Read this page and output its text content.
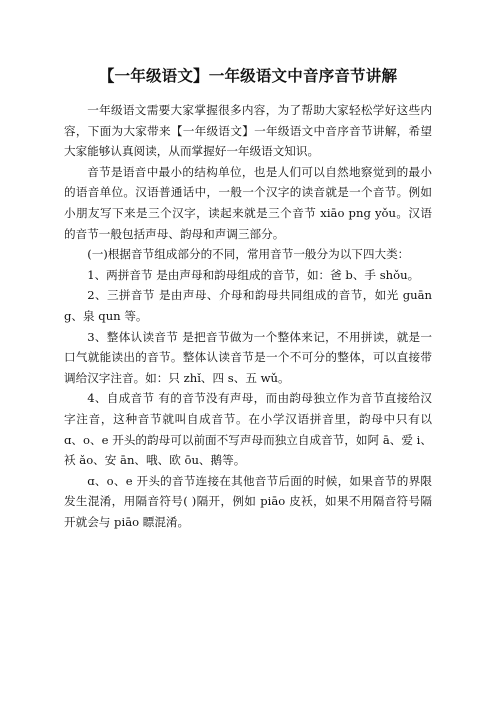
【一年级语文】一年级语文中音序音节讲解

一年级语文需要大家掌握很多内容，为了帮助大家轻松学好这些内容，下面为大家带来【一年级语文】一年级语文中音序音节讲解，希望大家能够认真阅读，从而掌握好一年级语文知识。

音节是语音中最小的结构单位，也是人们可以自然地察觉到的最小的语音单位。汉语普通话中，一般一个汉字的读音就是一个音节。例如小朋友写下来是三个汉字，读起来就是三个音节 xiāo png yǒu。汉语的音节一般包括声母、韵母和声调三部分。

(一)根据音节组成部分的不同，常用音节一般分为以下四大类：

1、两拼音节 是由声母和韵母组成的音节，如：爸 b、手 shǒu。

2、三拼音节 是由声母、介母和韵母共同组成的音节，如光 guāng、泉 qun 等。

3、整体认读音节 是把音节做为一个整体来记，不用拼读，就是一口气就能读出的音节。整体认读音节是一个不可分的整体，可以直接带调给汉字注音。如：只 zhǐ、四 s、五 wǔ。

4、自成音节 有的音节没有声母，而由韵母独立作为音节直接给汉字注音，这种音节就叫自成音节。在小学汉语拼音里，韵母中只有以 ɑ、o、e 开头的韵母可以前面不写声母而独立自成音节，如阿 ā、爱 i、袄 ǎo、安 ān、哦、欧 ōu、鹅等。

ɑ、o、e 开头的音节连接在其他音节后面的时候，如果音节的界限发生混淆，用隔音符号( )隔开，例如 piāo 皮袄，如果不用隔音符号隔开就会与 piāo 瞟混淆。
